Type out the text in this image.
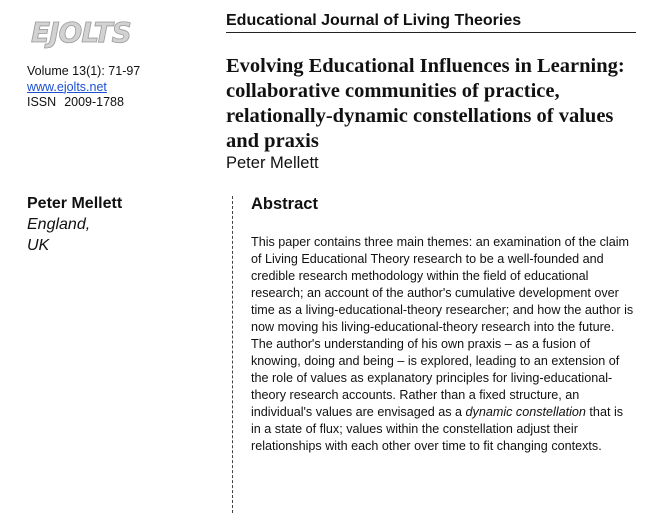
EJOLTS	Educational Journal of Living Theories
Volume 13(1): 71-97
www.ejolts.net
ISSN 2009-1788
Evolving Educational Influences in Learning: collaborative communities of practice, relationally-dynamic constellations of values and praxis
Peter Mellett
Peter Mellett
England,
UK
Abstract

This paper contains three main themes: an examination of the claim of Living Educational Theory research to be a well-founded and credible research methodology within the field of educational research; an account of the author's cumulative development over time as a living-educational-theory researcher; and how the author is now moving his living-educational-theory research into the future.

The author's understanding of his own praxis – as a fusion of knowing, doing and being – is explored, leading to an extension of the role of values as explanatory principles for living-educational-theory research accounts. Rather than a fixed structure, an individual's values are envisaged as a dynamic constellation that is in a state of flux; values within the constellation adjust their relationships with each other over time to fit changing contexts.
